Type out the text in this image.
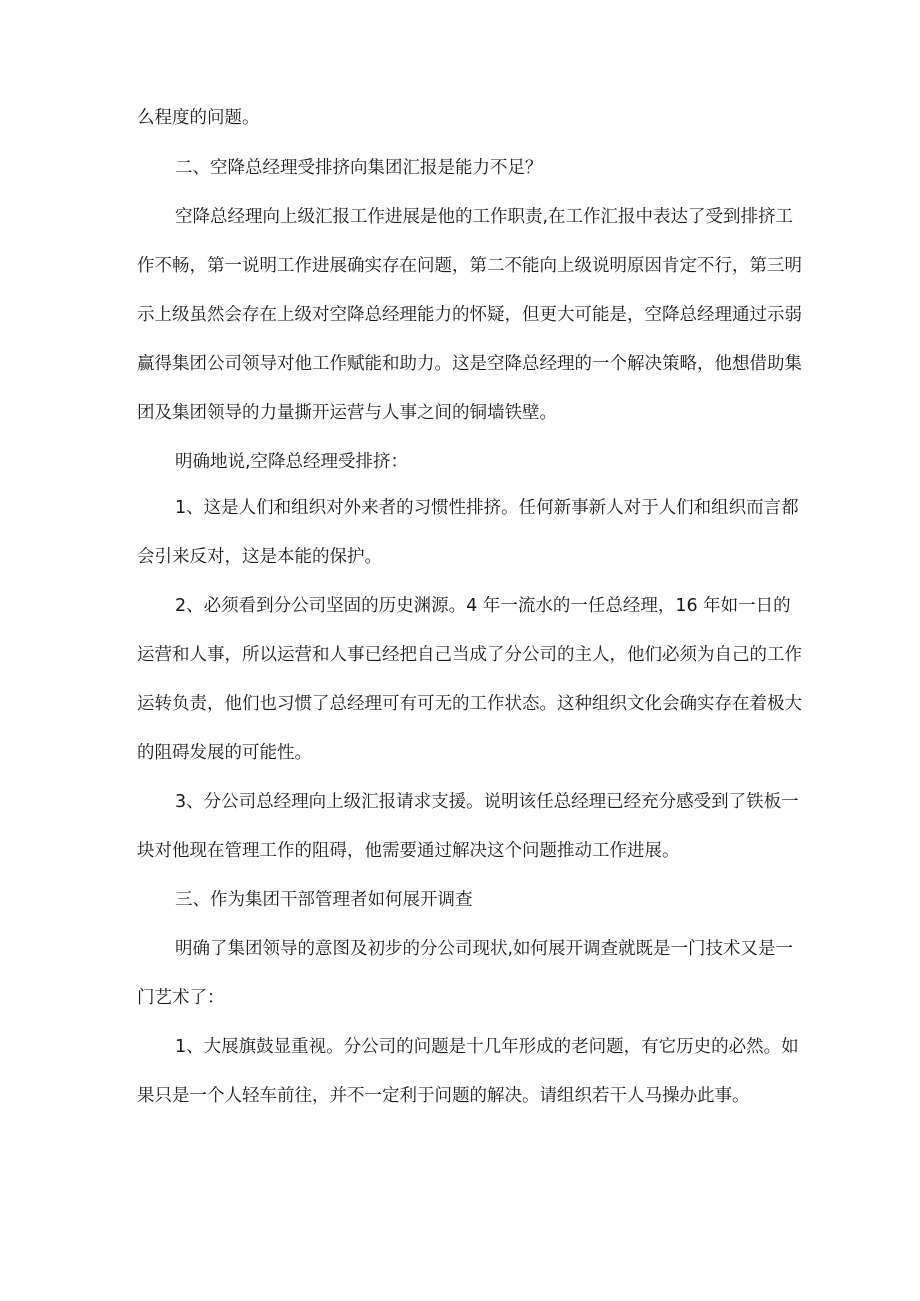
么程度的问题。
二、空降总经理受排挤向集团汇报是能力不足？
空降总经理向上级汇报工作进展是他的工作职责,在工作汇报中表达了受到排挤工
作不畅，第一说明工作进展确实存在问题，第二不能向上级说明原因肯定不行，第三明
示上级虽然会存在上级对空降总经理能力的怀疑，但更大可能是，空降总经理通过示弱
赢得集团公司领导对他工作赋能和助力。这是空降总经理的一个解决策略，他想借助集
团及集团领导的力量撕开运营与人事之间的铜墙铁壁。
明确地说,空降总经理受排挤：
1、这是人们和组织对外来者的习惯性排挤。任何新事新人对于人们和组织而言都
会引来反对，这是本能的保护。
2、必须看到分公司坚固的历史渊源。4 年一流水的一任总经理，16 年如一日的
运营和人事，所以运营和人事已经把自己当成了分公司的主人，他们必须为自己的工作
运转负责，他们也习惯了总经理可有可无的工作状态。这种组织文化会确实存在着极大
的阻碍发展的可能性。
3、分公司总经理向上级汇报请求支援。说明该任总经理已经充分感受到了铁板一
块对他现在管理工作的阻碍，他需要通过解决这个问题推动工作进展。
三、作为集团干部管理者如何展开调查
明确了集团领导的意图及初步的分公司现状,如何展开调查就既是一门技术又是一
门艺术了：
1、大展旗鼓显重视。分公司的问题是十几年形成的老问题，有它历史的必然。如
果只是一个人轻车前往，并不一定利于问题的解决。请组织若干人马操办此事。
